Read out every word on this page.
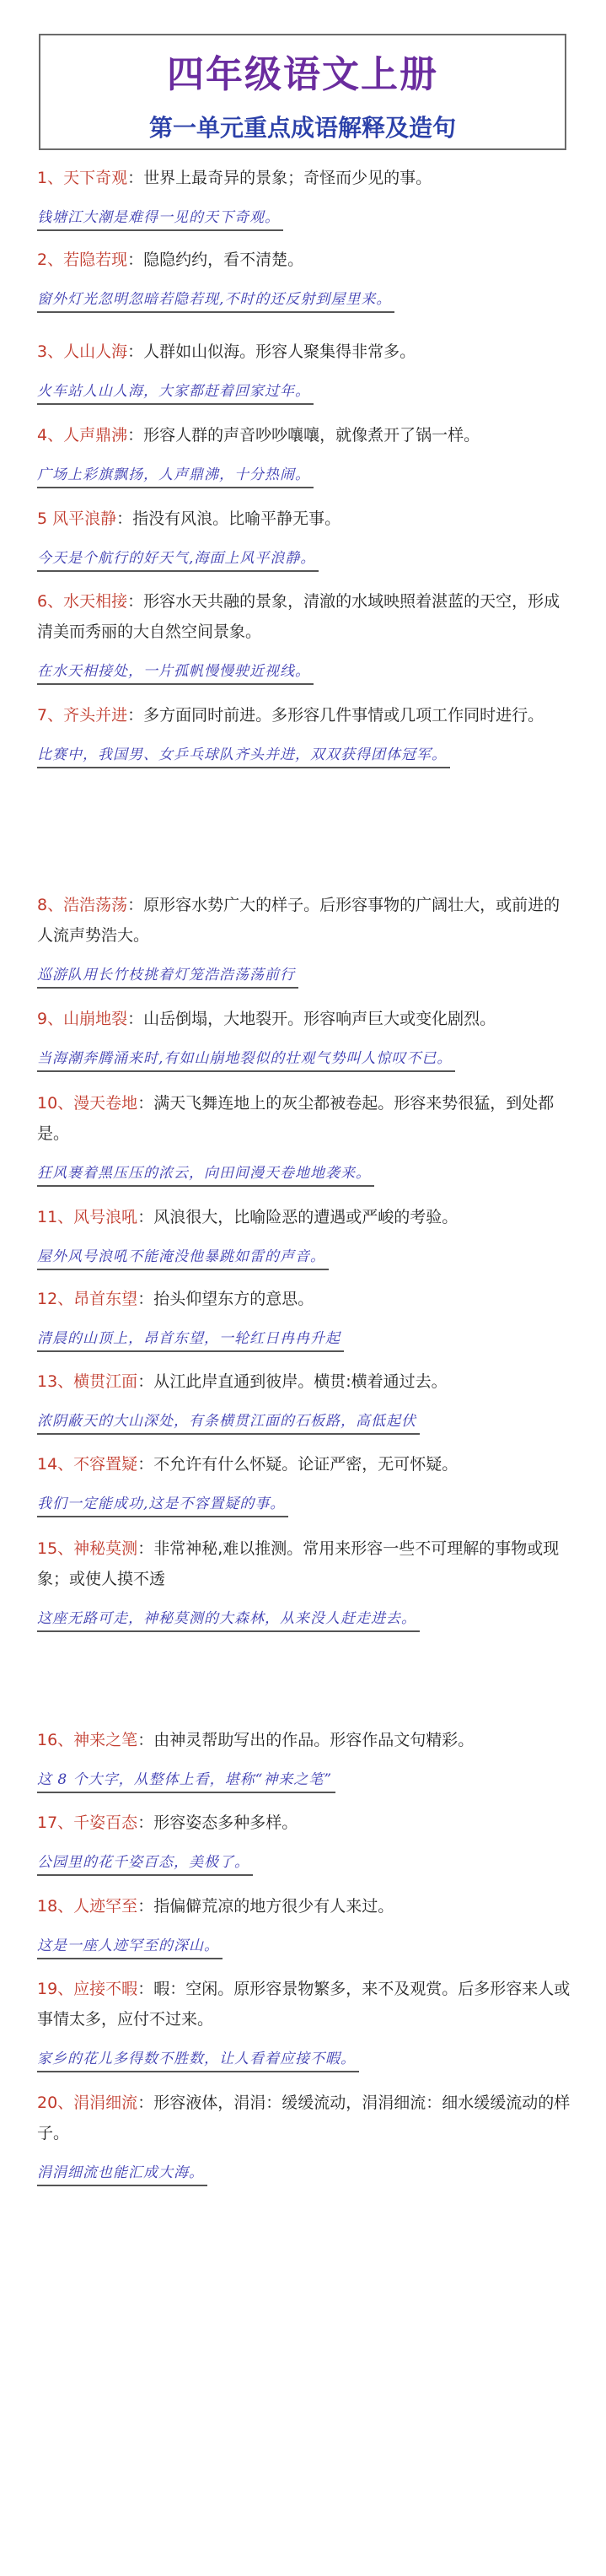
四年级语文上册
第一单元重点成语解释及造句

1、天下奇观：世界上最奇异的景象；奇怪而少见的事。

钱塘江大潮是难得一见的天下奇观。

2、若隐若现：隐隐约约，看不清楚。

窗外灯光忽明忽暗若隐若现,不时的还反射到屋里来。

3、人山人海：人群如山似海。形容人聚集得非常多。

火车站人山人海，大家都赶着回家过年。

4、人声鼎沸：形容人群的声音吵吵嚷嚷，就像煮开了锅一样。

广场上彩旗飘扬，人声鼎沸，十分热闹。

5 风平浪静：指没有风浪。比喻平静无事。

今天是个航行的好天气,海面上风平浪静。

6、水天相接：形容水天共融的景象，清澈的水域映照着湛蓝的天空，形成清美而秀丽的大自然空间景象。

在水天相接处，一片孤帆慢慢驶近视线。

7、齐头并进：多方面同时前进。多形容几件事情或几项工作同时进行。

比赛中，我国男、女乒乓球队齐头并进，双双获得团体冠军。

8、浩浩荡荡：原形容水势广大的样子。后形容事物的广阔壮大，或前进的人流声势浩大。

巡游队用长竹枝挑着灯笼浩浩荡荡前行

9、山崩地裂：山岳倒塌，大地裂开。形容响声巨大或变化剧烈。

当海潮奔腾涌来时,有如山崩地裂似的壮观气势叫人惊叹不已。

10、漫天卷地：满天飞舞连地上的灰尘都被卷起。形容来势很猛，到处都是。

狂风裹着黑压压的浓云，向田间漫天卷地地袭来。

11、风号浪吼：风浪很大，比喻险恶的遭遇或严峻的考验。

屋外风号浪吼不能淹没他暴跳如雷的声音。

12、昂首东望：抬头仰望东方的意思。

清晨的山顶上，昂首东望，一轮红日冉冉升起

13、横贯江面：从江此岸直通到彼岸。横贯:横着通过去。

浓阴蔽天的大山深处，有条横贯江面的石板路，高低起伏

14、不容置疑：不允许有什么怀疑。论证严密，无可怀疑。

我们一定能成功,这是不容置疑的事。

15、神秘莫测：非常神秘,难以推测。常用来形容一些不可理解的事物或现象；或使人摸不透

这座无路可走，神秘莫测的大森林，从来没人赶走进去。

16、神来之笔：由神灵帮助写出的作品。形容作品文句精彩。

这 8 个大字，从整体上看，堪称“神来之笔”

17、千姿百态：形容姿态多种多样。

公园里的花千姿百态，美极了。

18、人迹罕至：指偏僻荒凉的地方很少有人来过。

这是一座人迹罕至的深山。

19、应接不暇：暇：空闲。原形容景物繁多，来不及观赏。后多形容来人或事情太多，应付不过来。

家乡的花儿多得数不胜数，让人看着应接不暇。

20、涓涓细流：形容液体，涓涓：缓缓流动，涓涓细流：细水缓缓流动的样子。

涓涓细流也能汇成大海。
